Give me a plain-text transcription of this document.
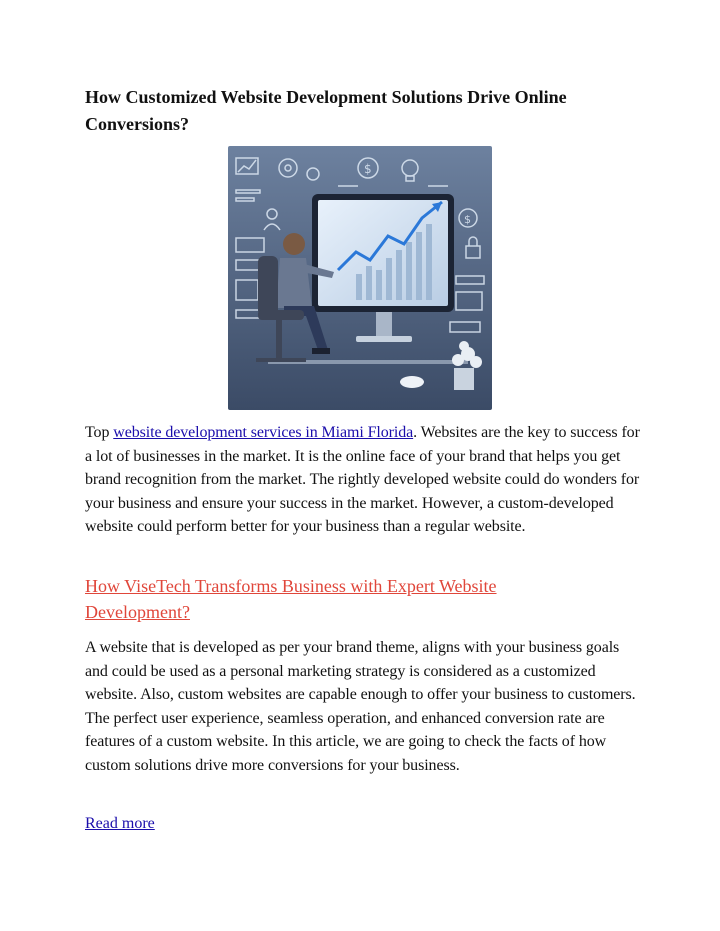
How Customized Website Development Solutions Drive Online Conversions?
$
$

Top website development services in Miami Florida. Websites are the key to success for a lot of businesses in the market. It is the online face of your brand that helps you get brand recognition from the market. The rightly developed website could do wonders for your business and ensure your success in the market. However, a custom-developed website could perform better for your business than a regular website.

How ViseTech Transforms Business with Expert Website Development?

A website that is developed as per your brand theme, aligns with your business goals and could be used as a personal marketing strategy is considered as a customized website. Also, custom websites are capable enough to offer your business to customers. The perfect user experience, seamless operation, and enhanced conversion rate are features of a custom website. In this article, we are going to check the facts of how custom solutions drive more conversions for your business.

Read more
